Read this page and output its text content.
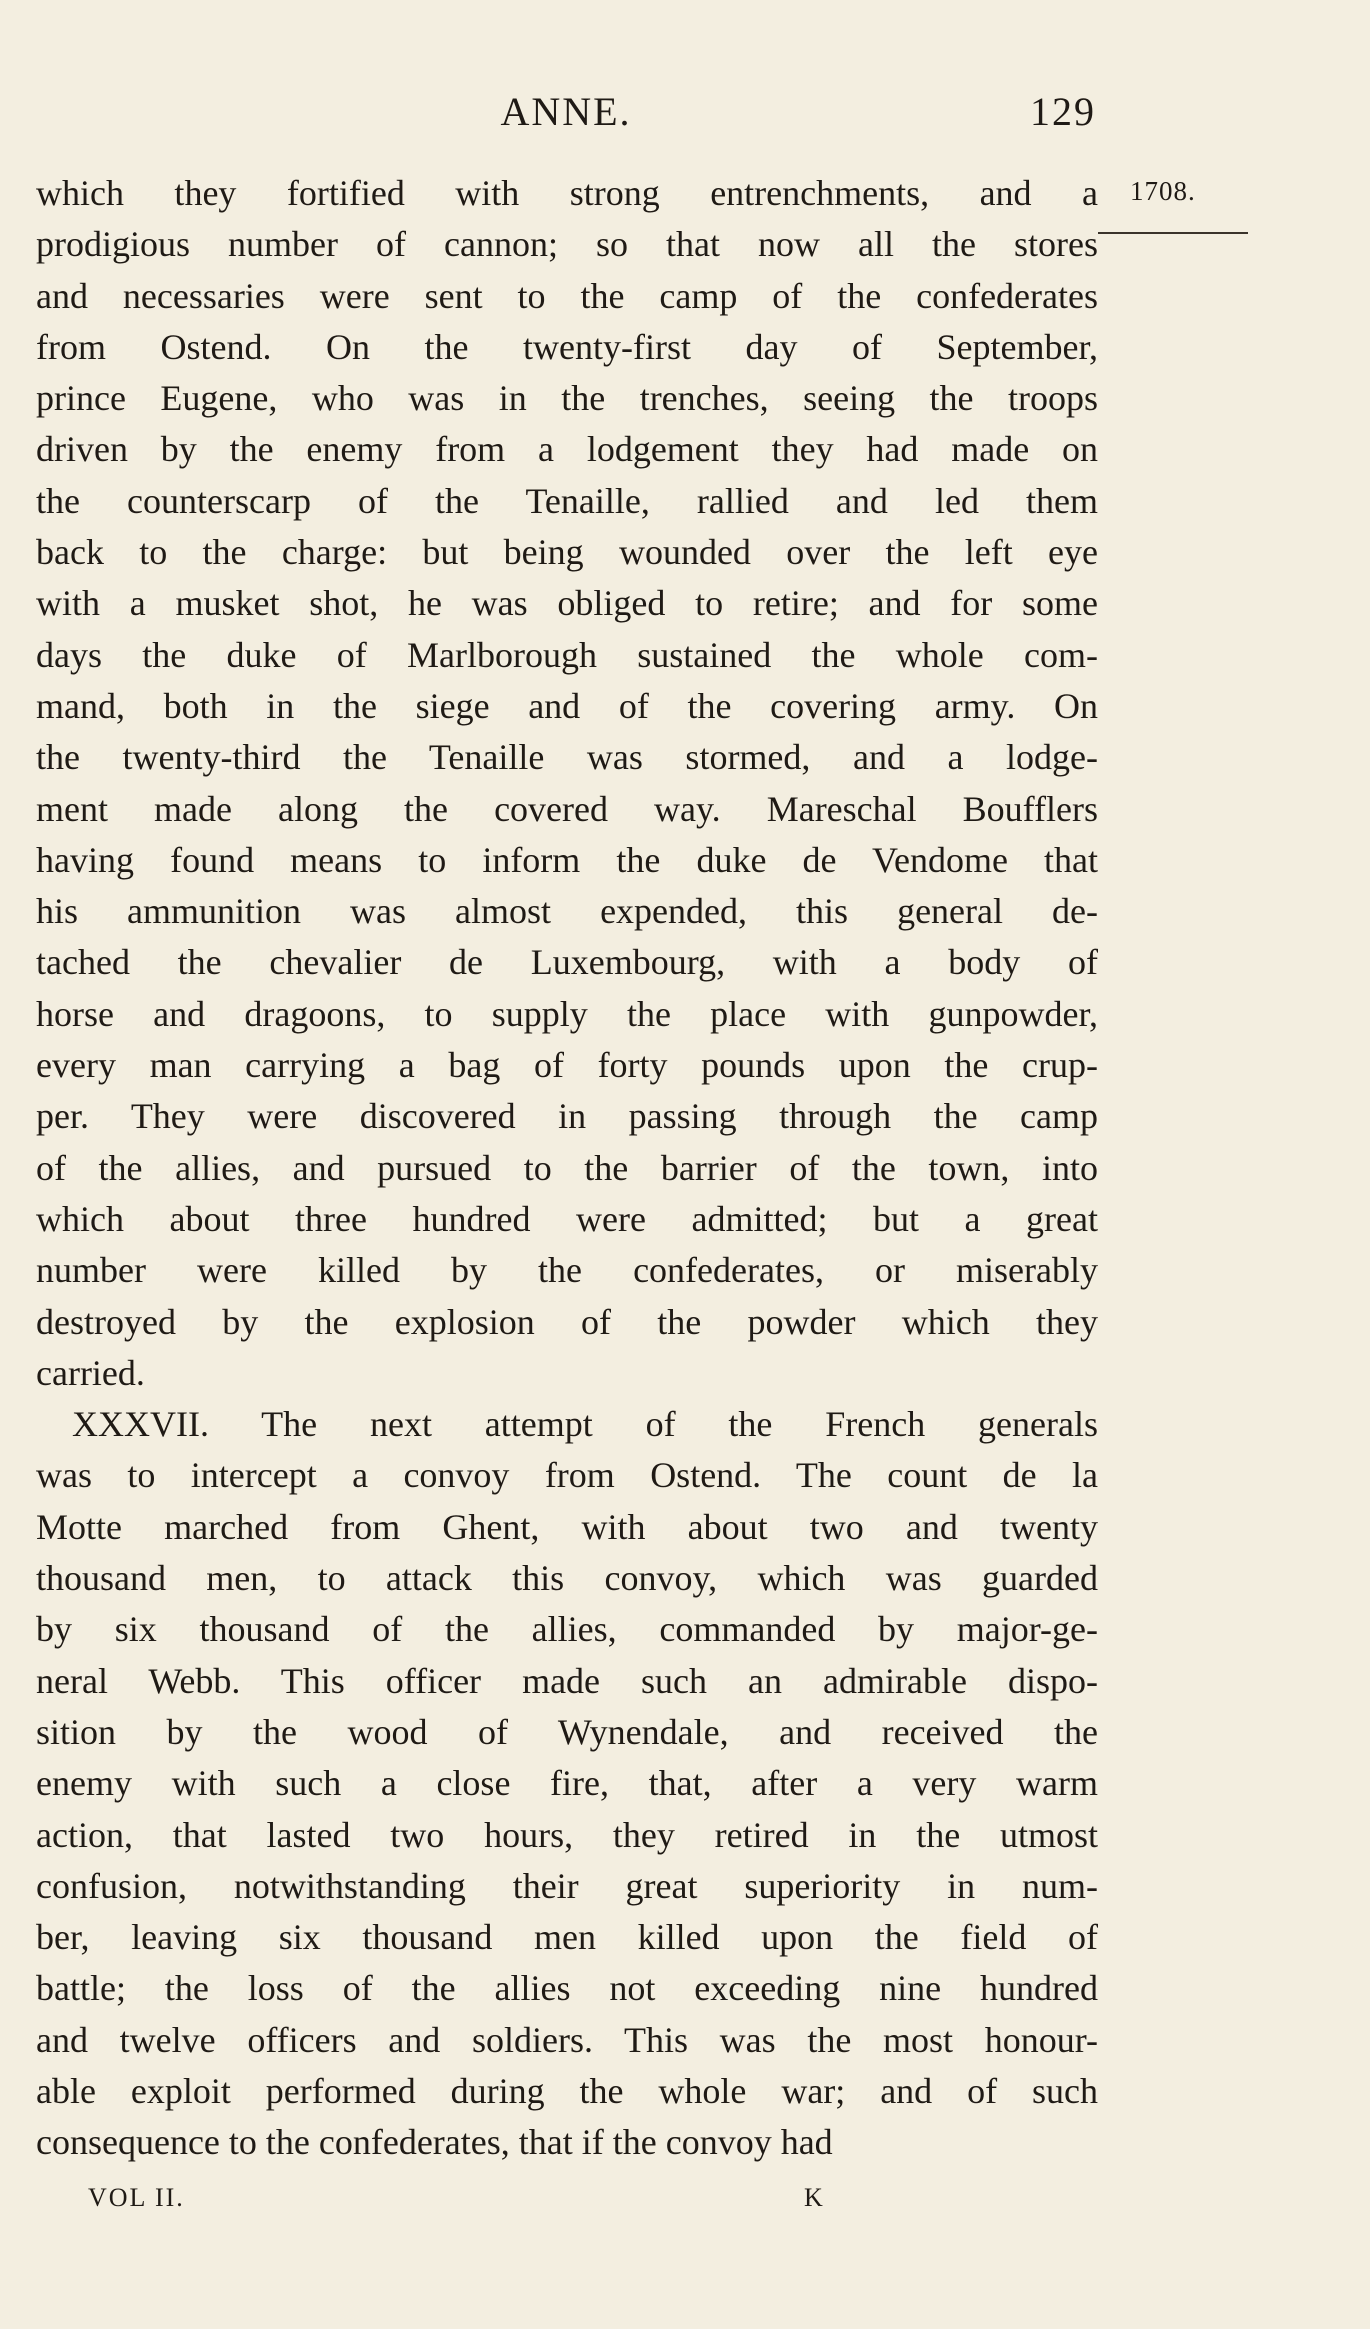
ANNE.	129
1708.
which they fortified with strong entrenchments, and a
prodigious number of cannon; so that now all the stores
and necessaries were sent to the camp of the confederates
from Ostend. On the twenty-first day of September,
prince Eugene, who was in the trenches, seeing the troops
driven by the enemy from a lodgement they had made on
the counterscarp of the Tenaille, rallied and led them
back to the charge: but being wounded over the left eye
with a musket shot, he was obliged to retire; and for some
days the duke of Marlborough sustained the whole com-
mand, both in the siege and of the covering army. On
the twenty-third the Tenaille was stormed, and a lodge-
ment made along the covered way. Mareschal Boufflers
having found means to inform the duke de Vendome that
his ammunition was almost expended, this general de-
tached the chevalier de Luxembourg, with a body of
horse and dragoons, to supply the place with gunpowder,
every man carrying a bag of forty pounds upon the crup-
per. They were discovered in passing through the camp
of the allies, and pursued to the barrier of the town, into
which about three hundred were admitted; but a great
number were killed by the confederates, or miserably
destroyed by the explosion of the powder which they
carried.
XXXVII. The next attempt of the French generals
was to intercept a convoy from Ostend. The count de la
Motte marched from Ghent, with about two and twenty
thousand men, to attack this convoy, which was guarded
by six thousand of the allies, commanded by major-ge-
neral Webb. This officer made such an admirable dispo-
sition by the wood of Wynendale, and received the
enemy with such a close fire, that, after a very warm
action, that lasted two hours, they retired in the utmost
confusion, notwithstanding their great superiority in num-
ber, leaving six thousand men killed upon the field of
battle; the loss of the allies not exceeding nine hundred
and twelve officers and soldiers. This was the most honour-
able exploit performed during the whole war; and of such
consequence to the confederates, that if the convoy had
VOL II.	K
